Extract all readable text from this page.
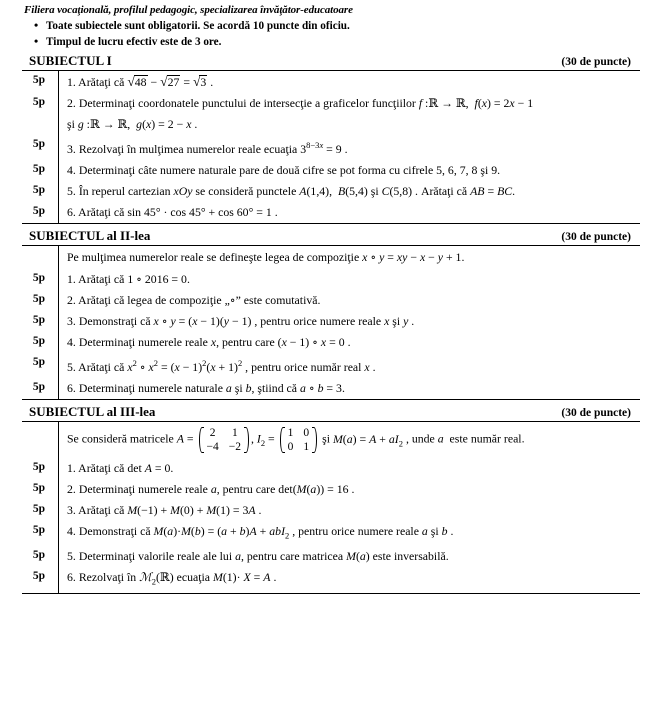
Filiera vocaţională, profilul pedagogic, specializarea învăţător-educatoare
• Toate subiectele sunt obligatorii. Se acordă 10 puncte din oficiu.
• Timpul de lucru efectiv este de 3 ore.
SUBIECTUL I	(30 de puncte)
5p	1. Arătaţi că √48 − √27 = √3 .
5p	2. Determinaţi coordonatele punctului de intersecţie a graficelor funcţiilor f :ℝ → ℝ,  f(x) = 2x − 1
	şi g :ℝ → ℝ,  g(x) = 2 − x .
5p	3. Rezolvaţi în mulţimea numerelor reale ecuaţia $3^{8-3x} = 9$ .
5p	4. Determinaţi câte numere naturale pare de două cifre se pot forma cu cifrele 5, 6, 7, 8 şi 9.
5p	5. În reperul cartezian xOy se consideră punctele A(1,4),  B(5,4) şi C(5,8) . Arătaţi că AB = BC.
5p	6. Arătaţi că sin 45° · cos 45° + cos 60° = 1 .
SUBIECTUL al II-lea	(30 de puncte)
	Pe mulţimea numerelor reale se defineşte legea de compoziţie x ∘ y = xy − x − y + 1.
5p	1. Arătaţi că 1 ∘ 2016 = 0.
5p	2. Arătaţi că legea de compoziţie „∘” este comutativă.
5p	3. Demonstraţi că x ∘ y = (x − 1)(y − 1) , pentru orice numere reale x şi y .
5p	4. Determinaţi numerele reale x, pentru care (x − 1) ∘ x = 0 .
5p	5. Arătaţi că $x^2$ ∘ $x^2 = (x - 1)^2(x + 1)^2$ , pentru orice număr real x .
5p	6. Determinaţi numerele naturale a şi b, ştiind că a ∘ b = 3.
SUBIECTUL al III-lea	(30 de puncte)
	Se consideră matricele A = 2 1
−4 −2
, $I_2 = 1$ 0
0 1
şi $M(a) = A + aI_2$ , unde a  este număr real.
5p	1. Arătaţi că det A = 0.
5p	2. Determinaţi numerele reale a, pentru care det(M(a)) = 16 .
5p	3. Arătaţi că M(−1) + M(0) + M(1) = 3A .
5p	4. Demonstraţi că M(a)·M(b) = (a + b)A + abI$_2$ , pentru orice numere reale a şi b .
5p	5. Determinaţi valorile reale ale lui a, pentru care matricea M(a) este inversabilă.
5p	6. Rezolvaţi în ℳ$_2$(ℝ) ecuaţia M(1)· X = A .
